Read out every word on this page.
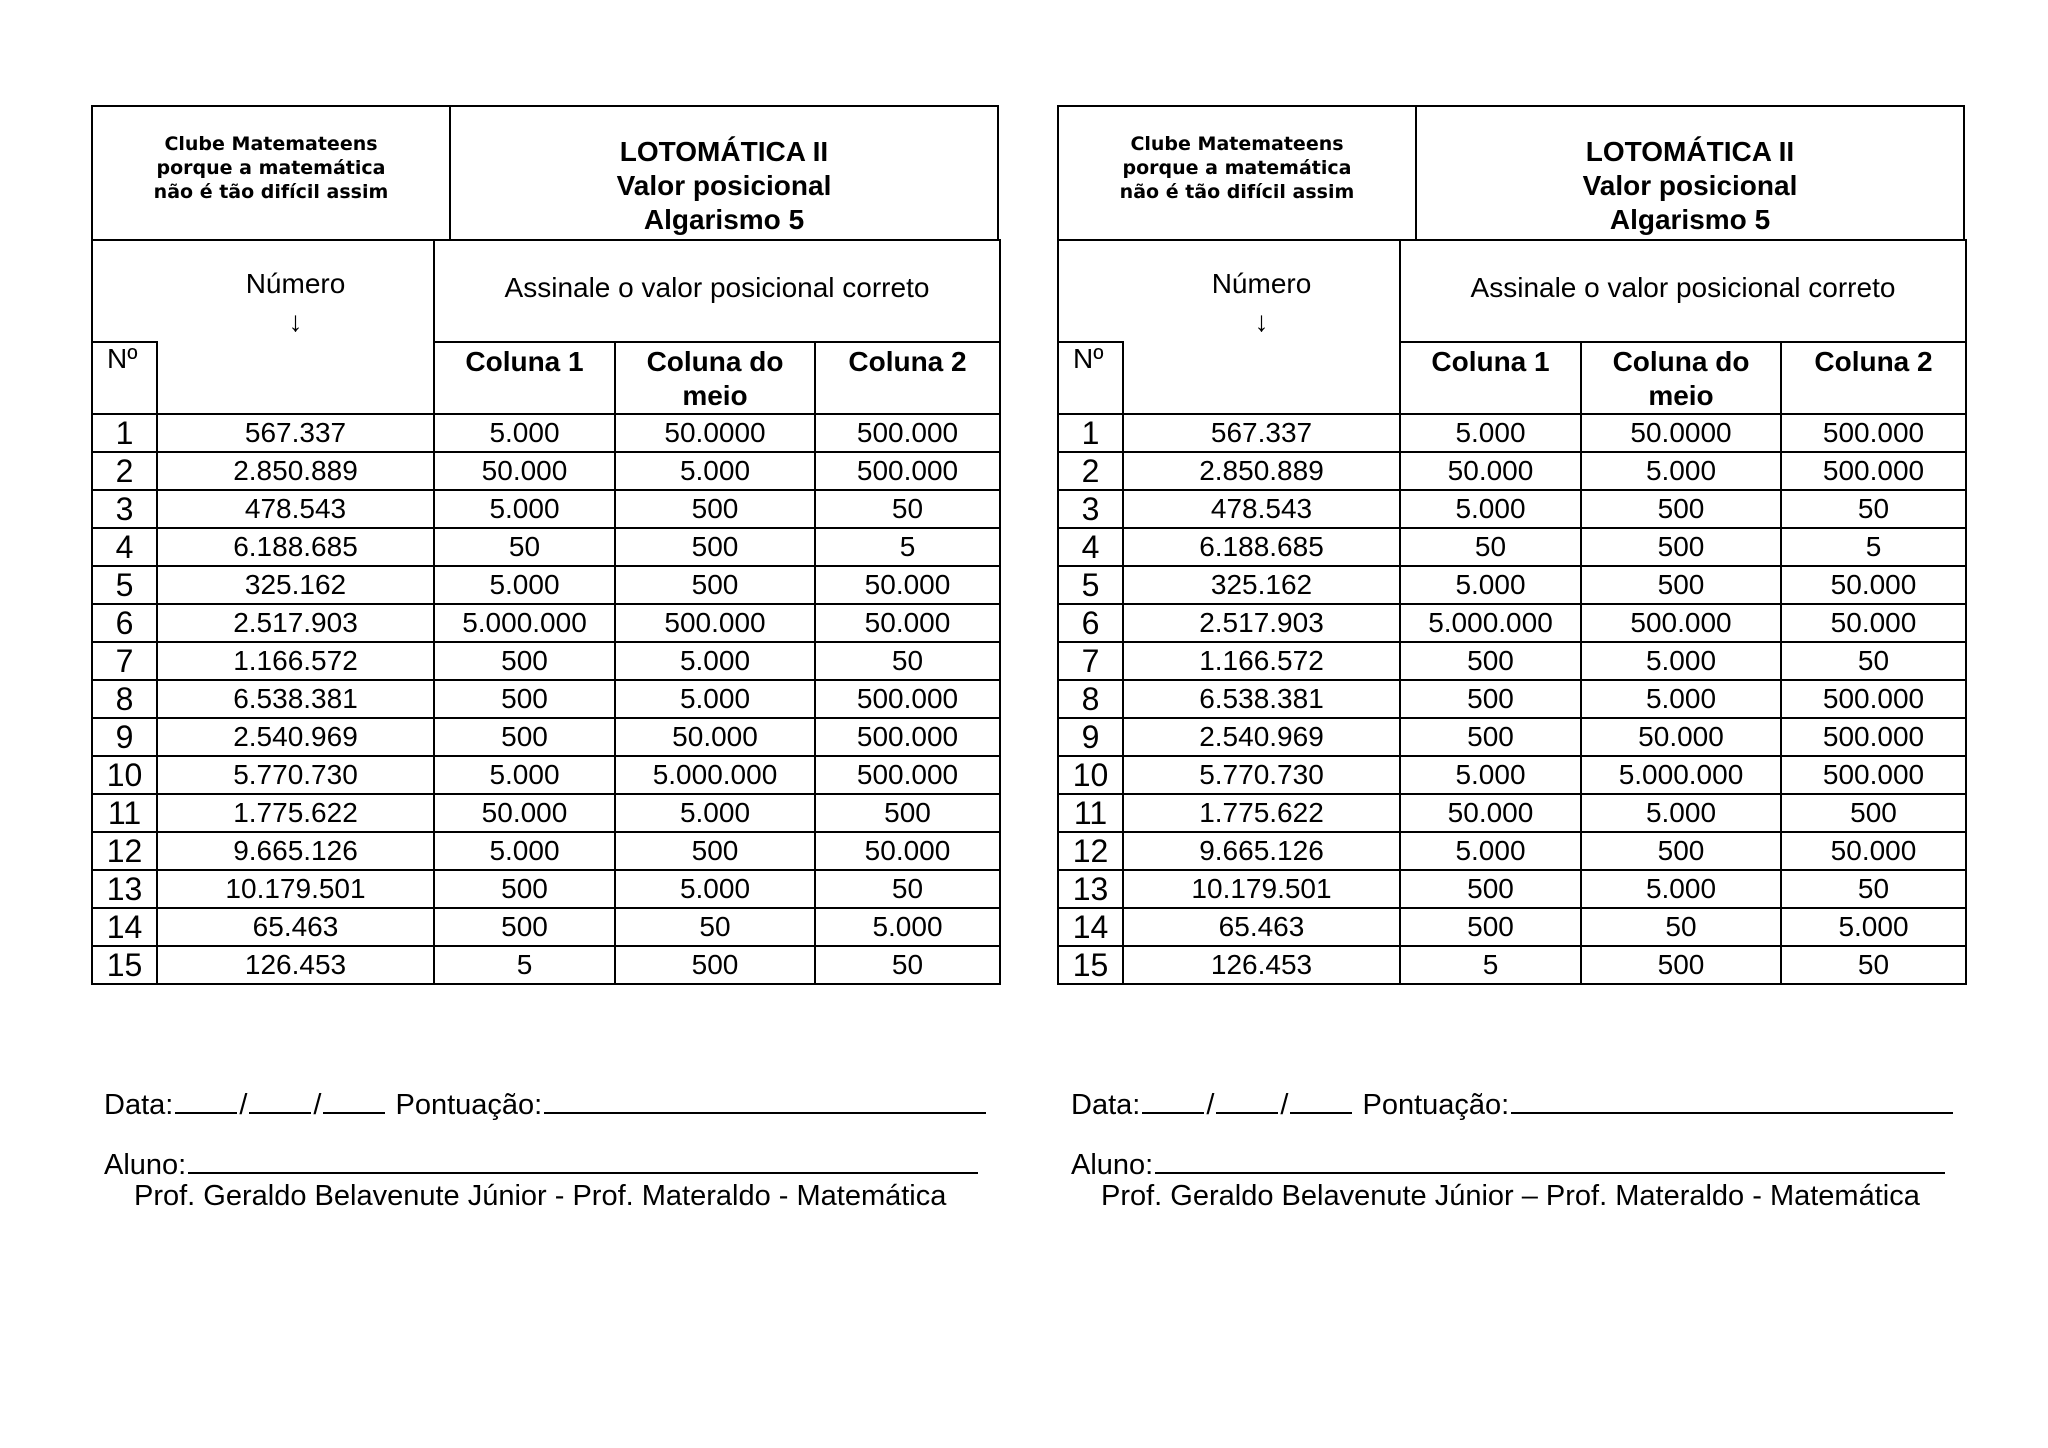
Clube Matemateens
porque a matemática
não é tão difícil assim
LOTOMÁTICA II
Valor posicional
Algarismo 5
		Assinale o valor posicional correto		
Nº	Número
↓	Coluna 1	Coluna do meio	Coluna 2
1	567.337	5.000	50.0000	500.000
2	2.850.889	50.000	5.000	500.000
3	478.543	5.000	500	50
4	6.188.685	50	500	5
5	325.162	5.000	500	50.000
6	2.517.903	5.000.000	500.000	50.000
7	1.166.572	500	5.000	50
8	6.538.381	500	5.000	500.000
9	2.540.969	500	50.000	500.000
10	5.770.730	5.000	5.000.000	500.000
11	1.775.622	50.000	5.000	500
12	9.665.126	5.000	500	50.000
13	10.179.501	500	5.000	50
14	65.463	500	50	5.000
15	126.453	5	500	50
Data: / /	Pontuação:
Aluno:
Prof. Geraldo Belavenute Júnior - Prof. Materaldo - Matemática
Clube Matemateens
porque a matemática
não é tão difícil assim
LOTOMÁTICA II
Valor posicional
Algarismo 5
		Assinale o valor posicional correto		
Nº	Número
↓	Coluna 1	Coluna do meio	Coluna 2
1	567.337	5.000	50.0000	500.000
2	2.850.889	50.000	5.000	500.000
3	478.543	5.000	500	50
4	6.188.685	50	500	5
5	325.162	5.000	500	50.000
6	2.517.903	5.000.000	500.000	50.000
7	1.166.572	500	5.000	50
8	6.538.381	500	5.000	500.000
9	2.540.969	500	50.000	500.000
10	5.770.730	5.000	5.000.000	500.000
11	1.775.622	50.000	5.000	500
12	9.665.126	5.000	500	50.000
13	10.179.501	500	5.000	50
14	65.463	500	50	5.000
15	126.453	5	500	50
Data: / /	Pontuação:
Aluno:
Prof. Geraldo Belavenute Júnior – Prof. Materaldo - Matemática
